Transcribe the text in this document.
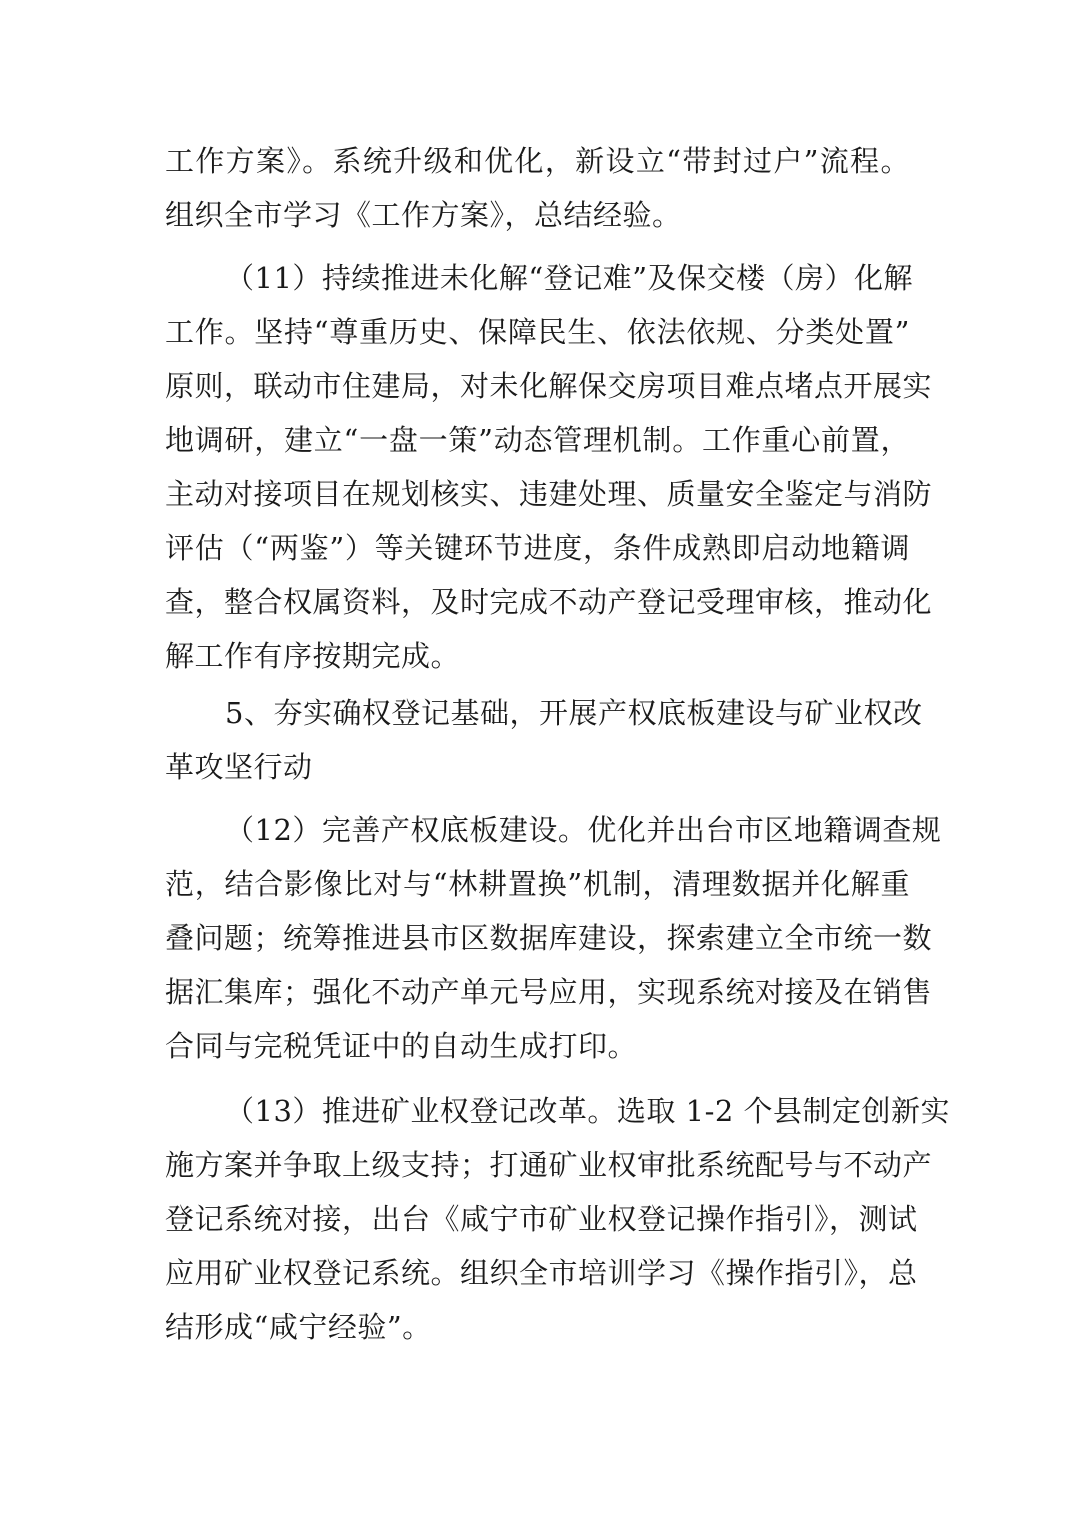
工作方案》。系统升级和优化，新设立“带封过户”流程。
组织全市学习《工作方案》，总结经验。
（11）持续推进未化解“登记难”及保交楼（房）化解
工作。坚持“尊重历史、保障民生、依法依规、分类处置”
原则，联动市住建局，对未化解保交房项目难点堵点开展实
地调研，建立“一盘一策”动态管理机制。工作重心前置，
主动对接项目在规划核实、违建处理、质量安全鉴定与消防
评估（“两鉴”）等关键环节进度，条件成熟即启动地籍调
查，整合权属资料，及时完成不动产登记受理审核，推动化
解工作有序按期完成。
5、夯实确权登记基础，开展产权底板建设与矿业权改
革攻坚行动
（12）完善产权底板建设。优化并出台市区地籍调查规
范，结合影像比对与“林耕置换”机制，清理数据并化解重
叠问题；统筹推进县市区数据库建设，探索建立全市统一数
据汇集库；强化不动产单元号应用，实现系统对接及在销售
合同与完税凭证中的自动生成打印。
（13）推进矿业权登记改革。选取 1-2 个县制定创新实
施方案并争取上级支持；打通矿业权审批系统配号与不动产
登记系统对接，出台《咸宁市矿业权登记操作指引》，测试
应用矿业权登记系统。组织全市培训学习《操作指引》，总
结形成“咸宁经验”。
